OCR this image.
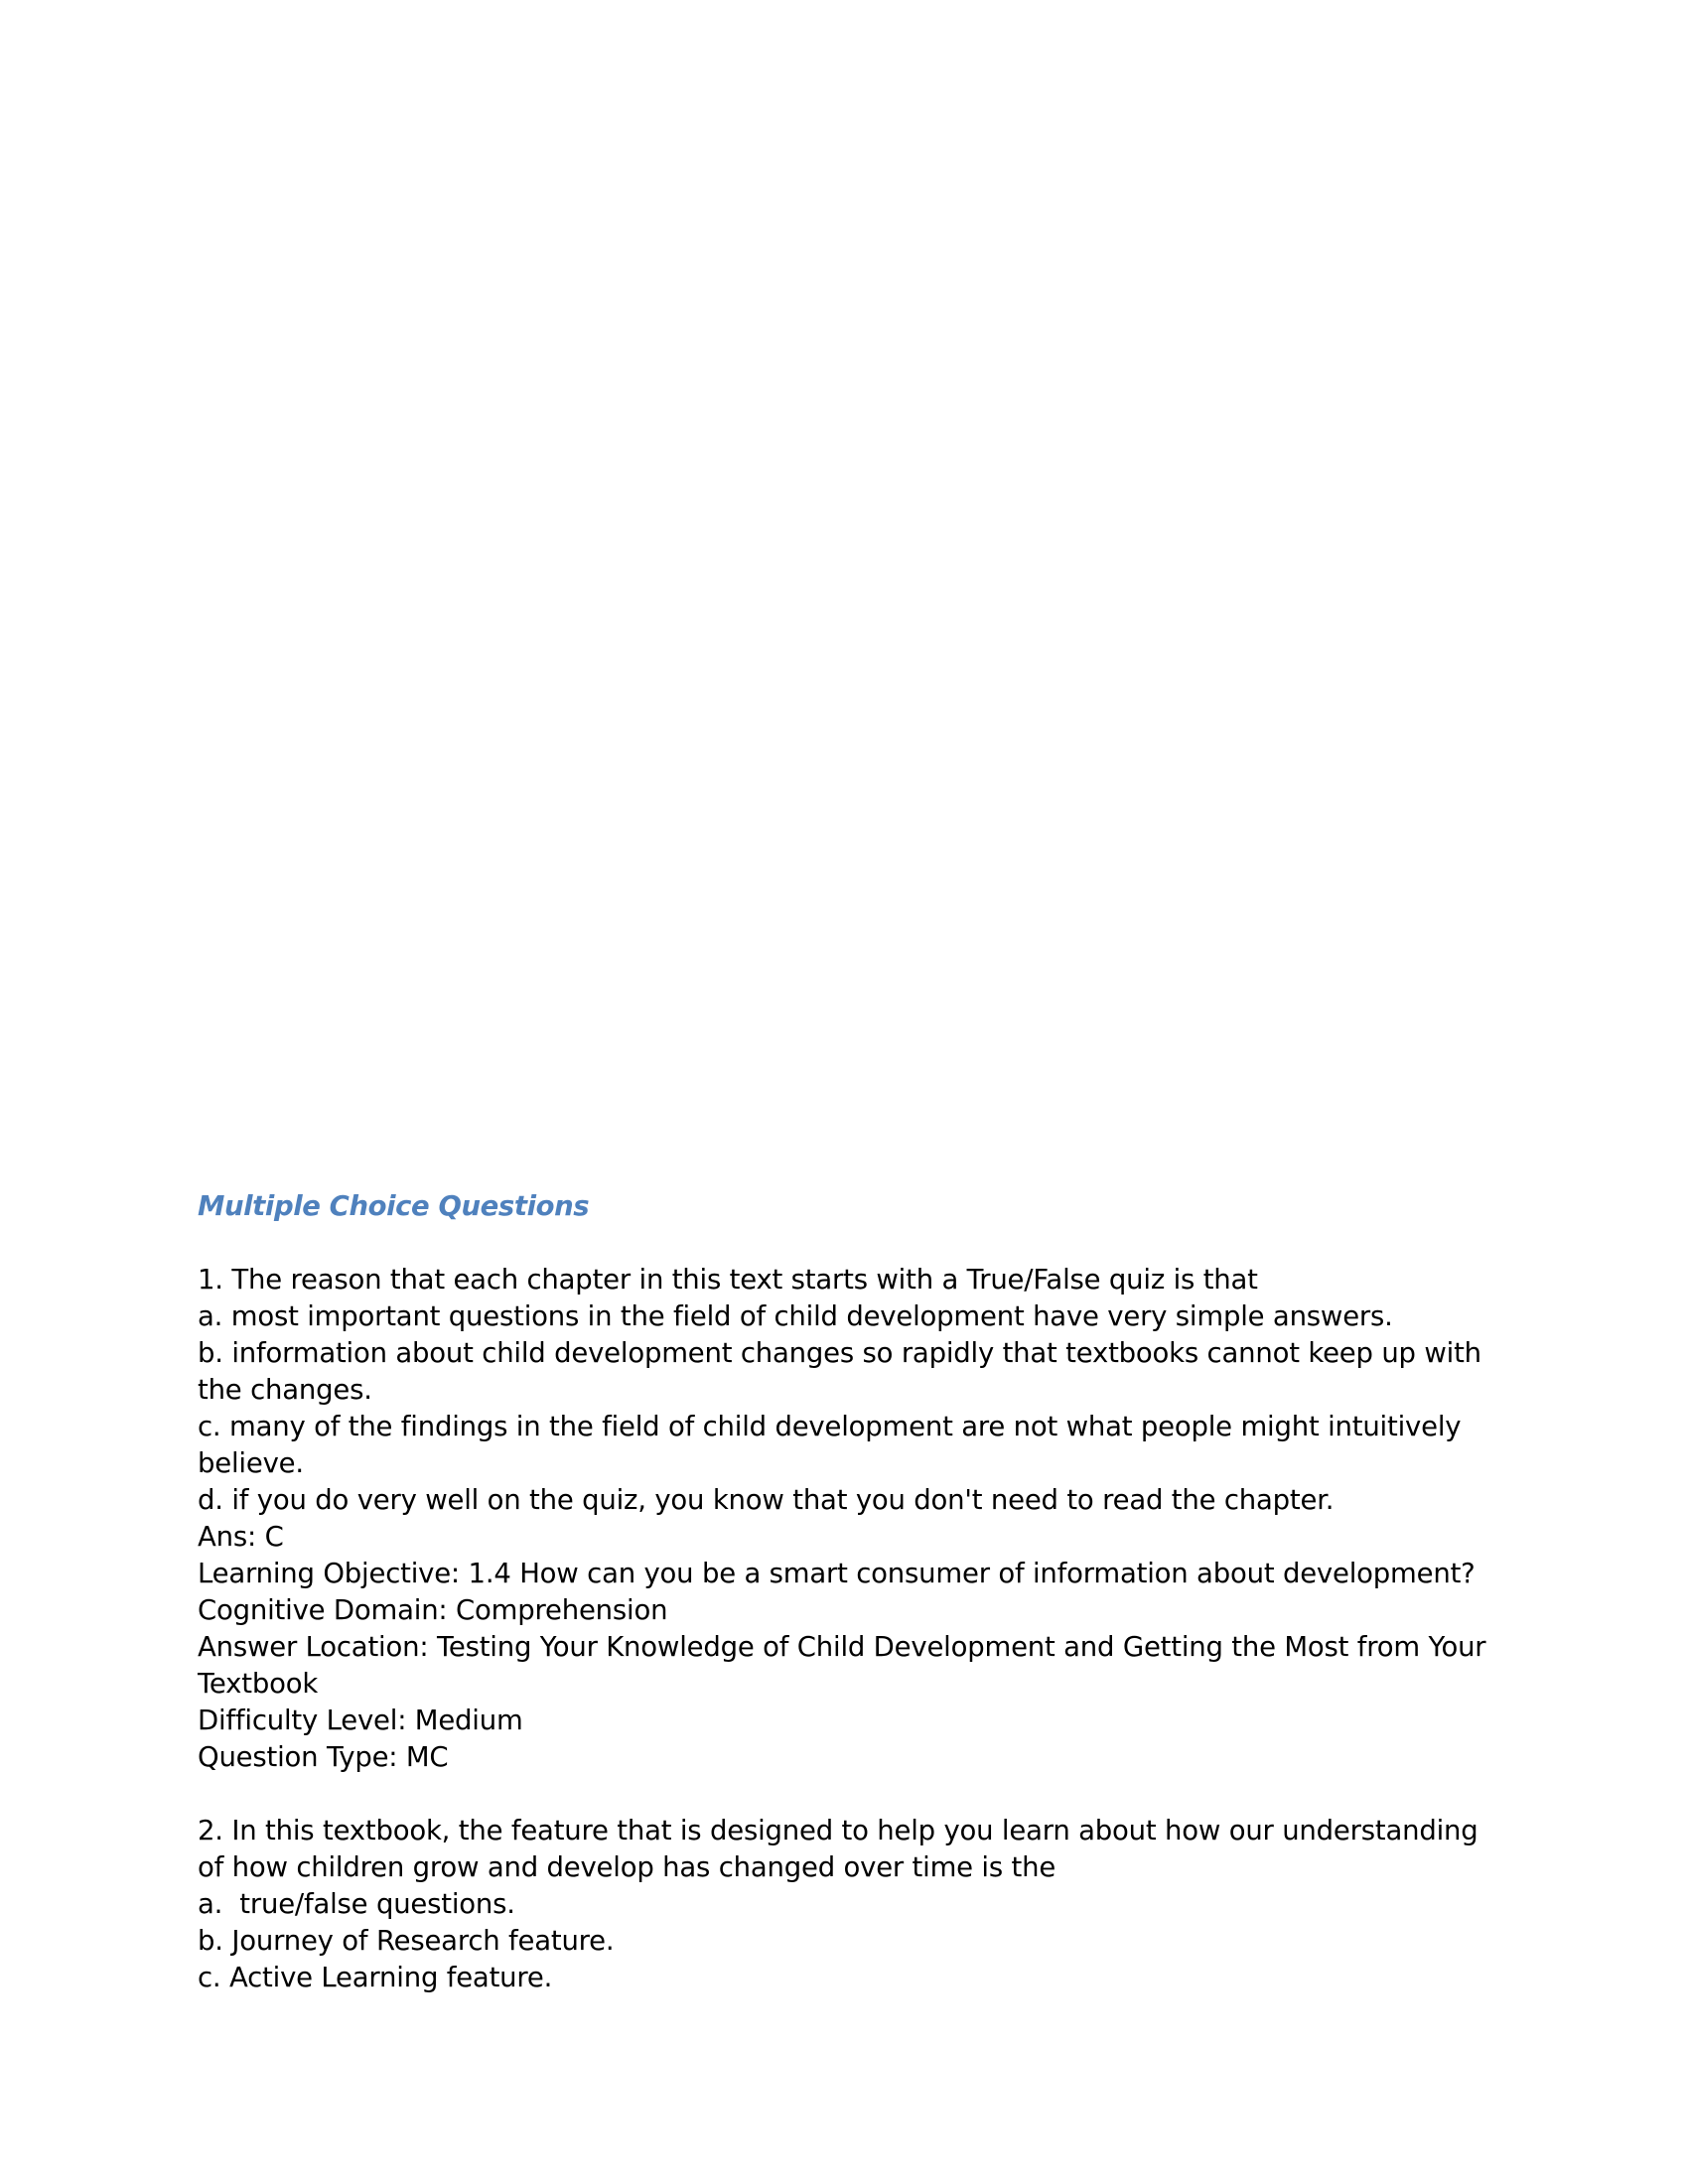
Multiple Choice Questions

1. The reason that each chapter in this text starts with a True/False quiz is that

a. most important questions in the field of child development have very simple answers.

b. information about child development changes so rapidly that textbooks cannot keep up with the changes.

c. many of the findings in the field of child development are not what people might intuitively believe.

d. if you do very well on the quiz, you know that you don't need to read the chapter.

Ans: C

Learning Objective: 1.4 How can you be a smart consumer of information about development?

Cognitive Domain: Comprehension

Answer Location: Testing Your Knowledge of Child Development and Getting the Most from Your Textbook

Difficulty Level: Medium

Question Type: MC

2. In this textbook, the feature that is designed to help you learn about how our understanding of how children grow and develop has changed over time is the

a.  true/false questions.

b. Journey of Research feature.

c. Active Learning feature.
